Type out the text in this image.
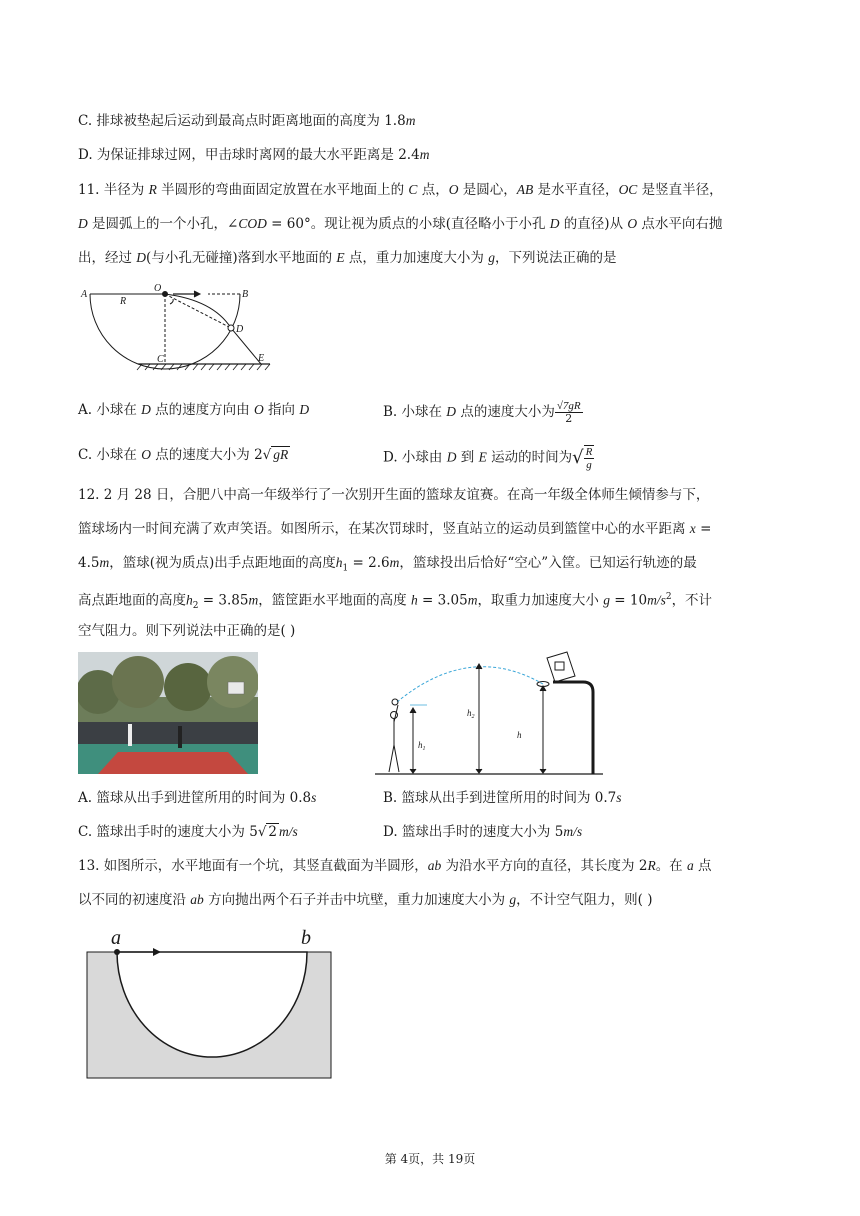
C. 排球被垫起后运动到最高点时距离地面的高度为 1.8m
D. 为保证排球过网，甲击球时离网的最大水平距离是 2.4m
11. 半径为 R 半圆形的弯曲面固定放置在水平地面上的 C 点，O 是圆心，AB 是水平直径，OC 是竖直半径，
D 是圆弧上的一个小孔，∠COD = 60°。现让视为质点的小球(直径略小于小孔 D 的直径)从 O 点水平向右抛
出，经过 D(与小孔无碰撞)落到水平地面的 E 点，重力加速度大小为 g，下列说法正确的是
A
R
O
B
D
C	E
A. 小球在 D 点的速度方向由 O 指向 D	B. 小球在 D 点的速度大小为 $\frac{√7gR}{2}$
C. 小球在 O 点的速度大小为 2√ gR	D. 小球由 D 到 E 运动的时间为√ $\frac{R}{g}$
12. 2 月 28 日，合肥八中高一年级举行了一次别开生面的篮球友谊赛。在高一年级全体师生倾情参与下，
篮球场内一时间充满了欢声笑语。如图所示，在某次罚球时，竖直站立的运动员到篮筐中心的水平距离 x =
4.5m，篮球(视为质点)出手点距地面的高度$h_1 = 2.6m$，篮球投出后恰好“空心”入筐。已知运行轨迹的最
高点距地面的高度$h_2 = 3.85m$，篮筐距水平地面的高度 h = 3.05m，取重力加速度大小 $g = 10m/s^2$，不计
空气阻力。则下列说法中正确的是( )
$h_1$
$h_2$
h
A. 篮球从出手到进筐所用的时间为 0.8s	B. 篮球从出手到进筐所用的时间为 0.7s
C. 篮球出手时的速度大小为 5√ 2 m/s	D. 篮球出手时的速度大小为 5m/s
13. 如图所示，水平地面有一个坑，其竖直截面为半圆形，ab 为沿水平方向的直径，其长度为 2R。在 a 点
以不同的初速度沿 ab 方向抛出两个石子并击中坑壁，重力加速度大小为 g，不计空气阻力，则( )
a	b
第 4页，共 19页
